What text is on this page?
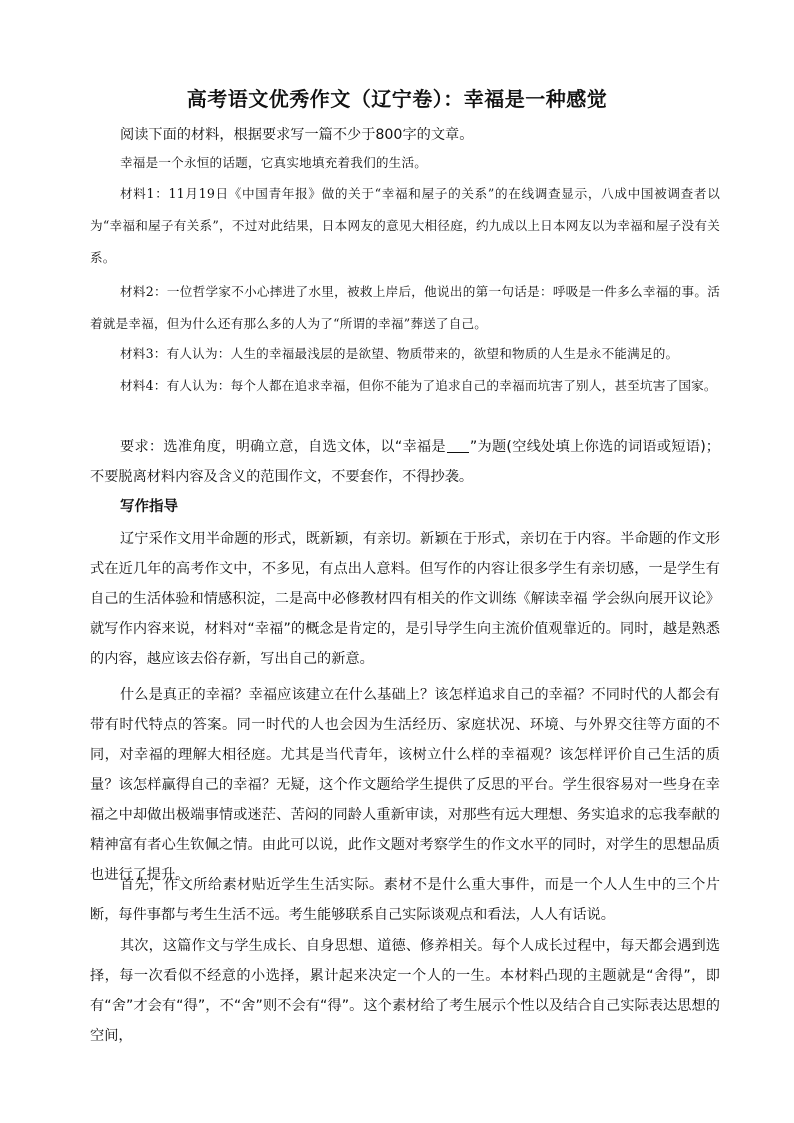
高考语文优秀作文（辽宁卷）：幸福是一种感觉
阅读下面的材料，根据要求写一篇不少于800字的文章。
幸福是一个永恒的话题，它真实地填充着我们的生活。
材料1：11月19日《中国青年报》做的关于“幸福和屋子的关系”的在线调查显示，八成中国被调查者以为“幸福和屋子有关系”，不过对此结果，日本网友的意见大相径庭，约九成以上日本网友以为幸福和屋子没有关系。
材料2：一位哲学家不小心摔进了水里，被救上岸后，他说出的第一句话是：呼吸是一件多么幸福的事。活着就是幸福，但为什么还有那么多的人为了“所谓的幸福”葬送了自己。
材料3：有人认为：人生的幸福最浅层的是欲望、物质带来的，欲望和物质的人生是永不能满足的。
材料4：有人认为：每个人都在追求幸福，但你不能为了追求自己的幸福而坑害了别人，甚至坑害了国家。
要求：选准角度，明确立意，自选文体，以“幸福是 ”为题(空线处填上你选的词语或短语)；不要脱离材料内容及含义的范围作文，不要套作，不得抄袭。
写作指导
辽宁采作文用半命题的形式，既新颖，有亲切。新颖在于形式，亲切在于内容。半命题的作文形式在近几年的高考作文中，不多见，有点出人意料。但写作的内容让很多学生有亲切感，一是学生有自己的生活体验和情感积淀，二是高中必修教材四有相关的作文训练《解读幸福 学会纵向展开议论》 就写作内容来说，材料对“幸福”的概念是肯定的，是引导学生向主流价值观靠近的。同时，越是熟悉的内容，越应该去俗存新，写出自己的新意。
什么是真正的幸福？幸福应该建立在什么基础上？该怎样追求自己的幸福？不同时代的人都会有带有时代特点的答案。同一时代的人也会因为生活经历、家庭状况、环境、与外界交往等方面的不同，对幸福的理解大相径庭。尤其是当代青年，该树立什么样的幸福观？该怎样评价自己生活的质量？该怎样赢得自己的幸福？无疑，这个作文题给学生提供了反思的平台。学生很容易对一些身在幸福之中却做出极端事情或迷茫、苦闷的同龄人重新审读，对那些有远大理想、务实追求的忘我奉献的精神富有者心生钦佩之情。由此可以说，此作文题对考察学生的作文水平的同时，对学生的思想品质也进行了提升。
首先，作文所给素材贴近学生生活实际。素材不是什么重大事件，而是一个人人生中的三个片断，每件事都与考生生活不远。考生能够联系自己实际谈观点和看法，人人有话说。
其次，这篇作文与学生成长、自身思想、道德、修养相关。每个人成长过程中，每天都会遇到选择，每一次看似不经意的小选择，累计起来决定一个人的一生。本材料凸现的主题就是“舍得”，即有“舍”才会有“得”，不“舍”则不会有“得”。这个素材给了考生展示个性以及结合自己实际表达思想的空间，
